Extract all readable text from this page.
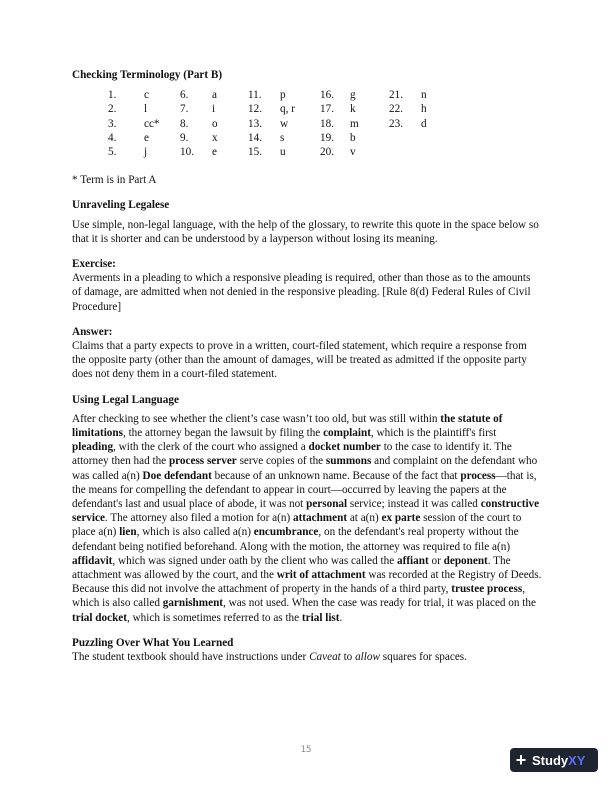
Checking Terminology (Part B)

1.	c	6.	a	11.	p	16.	g	21.	n
2.	l	7.	i	12.	q, r	17.	k	22.	h
3.	cc*	8.	o	13.	w	18.	m	23.	d
4.	e	9.	x	14.	s	19.	b
5.	j	10.	e	15.	u	20.	v

* Term is in Part A

Unraveling Legalese

Use simple, non-legal language, with the help of the glossary, to rewrite this quote in the space below so that it is shorter and can be understood by a layperson without losing its meaning.

Exercise:

Averments in a pleading to which a responsive pleading is required, other than those as to the amounts of damage, are admitted when not denied in the responsive pleading. [Rule 8(d) Federal Rules of Civil Procedure]

Answer:

Claims that a party expects to prove in a written, court-filed statement, which require a response from the opposite party (other than the amount of damages, will be treated as admitted if the opposite party does not deny them in a court-filed statement.

Using Legal Language

After checking to see whether the client’s case wasn’t too old, but was still within the statute of limitations, the attorney began the lawsuit by filing the complaint, which is the plaintiff's first pleading, with the clerk of the court who assigned a docket number to the case to identify it. The attorney then had the process server serve copies of the summons and complaint on the defendant who was called a(n) Doe defendant because of an unknown name. Because of the fact that process—that is, the means for compelling the defendant to appear in court—occurred by leaving the papers at the defendant's last and usual place of abode, it was not personal service; instead it was called constructive service. The attorney also filed a motion for a(n) attachment at a(n) ex parte session of the court to place a(n) lien, which is also called a(n) encumbrance, on the defendant's real property without the defendant being notified beforehand. Along with the motion, the attorney was required to file a(n) affidavit, which was signed under oath by the client who was called the affiant or deponent. The attachment was allowed by the court, and the writ of attachment was recorded at the Registry of Deeds. Because this did not involve the attachment of property in the hands of a third party, trustee process, which is also called garnishment, was not used. When the case was ready for trial, it was placed on the trial docket, which is sometimes referred to as the trial list.

Puzzling Over What You Learned

The student textbook should have instructions under Caveat to allow squares for spaces.

15	+ Study XY
